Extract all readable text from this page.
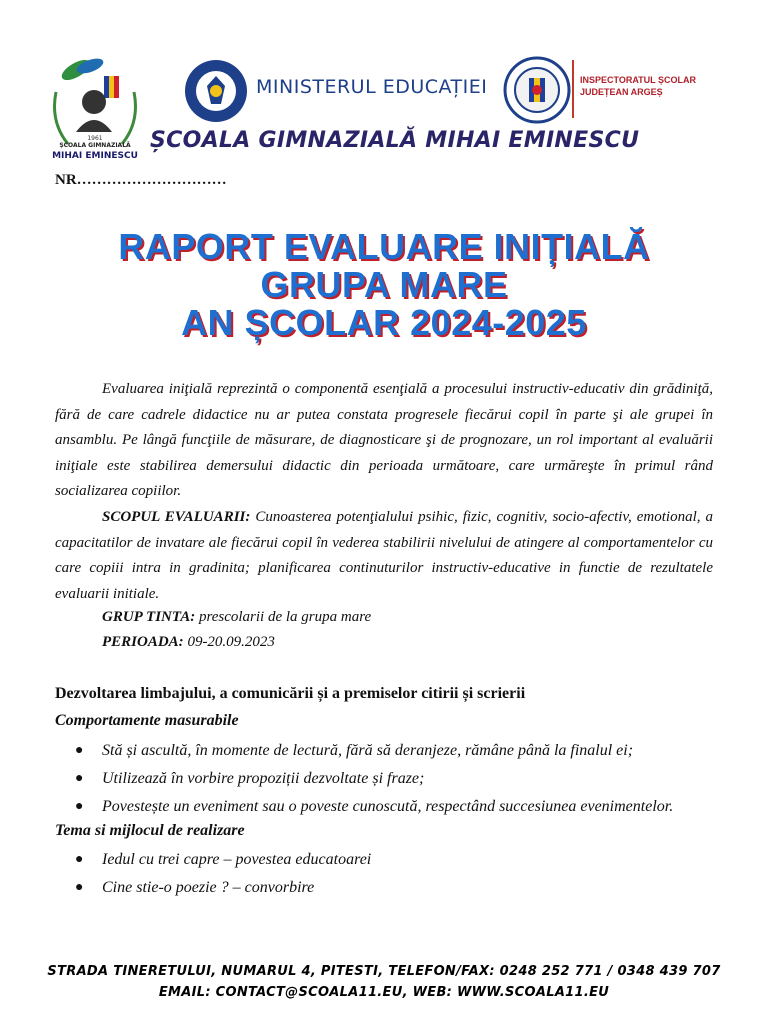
1961
ȘCOALA GIMNAZIALĂ
MIHAI EMINESCU
MINISTERUL EDUCAȚIEI	INSPECTORATUL ȘCOLAR
JUDEȚEAN ARGEȘ
ȘCOALA GIMNAZIALĂ MIHAI EMINESCU
NR…………………………
RAPORT EVALUARE INIȚIALĂ
GRUPA MARE
AN ȘCOLAR 2024-2025
Evaluarea iniţială reprezintă o componentă esenţială a procesului instructiv-educativ din grădiniţă, fără de care cadrele didactice nu ar putea constata progresele fiecărui copil în parte şi ale grupei în ansamblu. Pe lângă funcţiile de măsurare, de diagnosticare şi de prognozare, un rol important al evaluării iniţiale este stabilirea demersului didactic din perioada următoare, care urmăreşte în primul rând socializarea copiilor.
SCOPUL EVALUARII: Cunoasterea potenţialului psihic, fizic, cognitiv, socio-afectiv, emotional, a capacitatilor de invatare ale fiecărui copil în vederea stabilirii nivelului de atingere al comportamentelor cu care copiii intra in gradinita; planificarea continuturilor instructiv-educative in functie de rezultatele evaluarii initiale.
GRUP TINTA: prescolarii de la grupa mare
PERIOADA: 09-20.09.2023
Dezvoltarea limbajului, a comunicării și a premiselor citirii și scrierii
Comportamente masurabile
● Stă și ascultă, în momente de lectură, fără să deranjeze, rămâne până la finalul ei;
● Utilizează în vorbire propoziții dezvoltate și fraze;
● Povestește un eveniment sau o poveste cunoscută, respectând succesiunea evenimentelor.
Tema si mijlocul de realizare
● Iedul cu trei capre – povestea educatoarei
● Cine stie-o poezie ? – convorbire
STRADA TINERETULUI, NUMARUL 4, PITESTI, TELEFON/FAX: 0248 252 771 / 0348 439 707
EMAIL: CONTACT@SCOALA11.EU, WEB: WWW.SCOALA11.EU
